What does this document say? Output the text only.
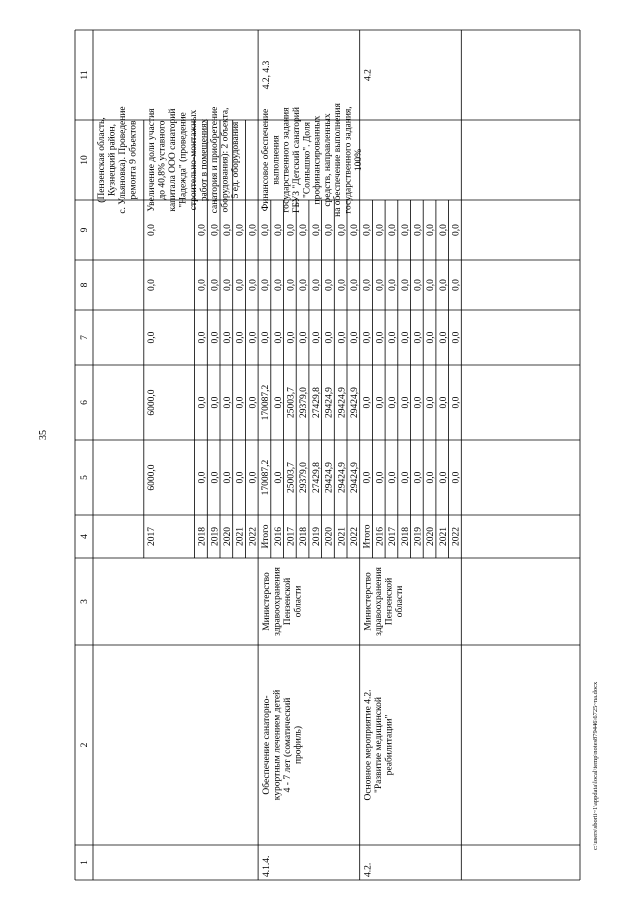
35
1
2
3
4
5
6
7
8
9
10
11
(Пензенская область, Кузнецкий район, с. Ульяновка). Проведение ремонта 9 объектов
2017
6000,0
6000,0
0,0
0,0
0,0
Увеличение доли участия до 40,8% уставного капитала ООО санаторий "Надежда" (проведение строительно-монтажных работ в помещениях санатория и приобретение оборудования): 2 объекта, 5 ед. оборудования
2018
0,0
0,0
0,0
0,0
0,0
2019
0,0
0,0
0,0
0,0
0,0
2020
0,0
0,0
0,0
0,0
0,0
2021
0,0
0,0
0,0
0,0
0,0
2022
0,0
0,0
0,0
0,0
0,0
4.1.4.
Обеспечение санаторно- курортным лечением детей 4 - 7 лет (соматический профиль)
Министерство здравоохранения Пензенской области
Итого
170087,2
170087,2
0,0
0,0
0,0
2016
0,0
0,0
0,0
0,0
0,0
2017
25003,7
25003,7
0,0
0,0
0,0
2018
29379,0
29379,0
0,0
0,0
0,0
2019
27429,8
27429,8
0,0
0,0
0,0
2020
29424,9
29424,9
0,0
0,0
0,0
2021
29424,9
29424,9
0,0
0,0
0,0
2022
29424,9
29424,9
0,0
0,0
0,0
Финансовое обеспечение выполнения государственного задания ГБУЗ "Детский санаторий "Солнышко". Доля профинансированных средств, направленных на обеспечение выполнения государственного задания, 100%
4.2, 4.3
4.2.
Основное мероприятие 4.2. "Развитие медицинской реабилитации"
Министерство здравоохранения Пензенской области
Итого
0,0
0,0
0,0
0,0
0,0
2016
0,0
0,0
0,0
0,0
0,0
2017
0,0
0,0
0,0
0,0
0,0
2018
0,0
0,0
0,0
0,0
0,0
2019
0,0
0,0
0,0
0,0
0,0
2020
0,0
0,0
0,0
0,0
0,0
2021
0,0
0,0
0,0
0,0
0,0
2022
0,0
0,0
0,0
0,0
0,0
4.2
c:\users\sborii~1\appdata\local\temp\notes879446\6725~na.docx
